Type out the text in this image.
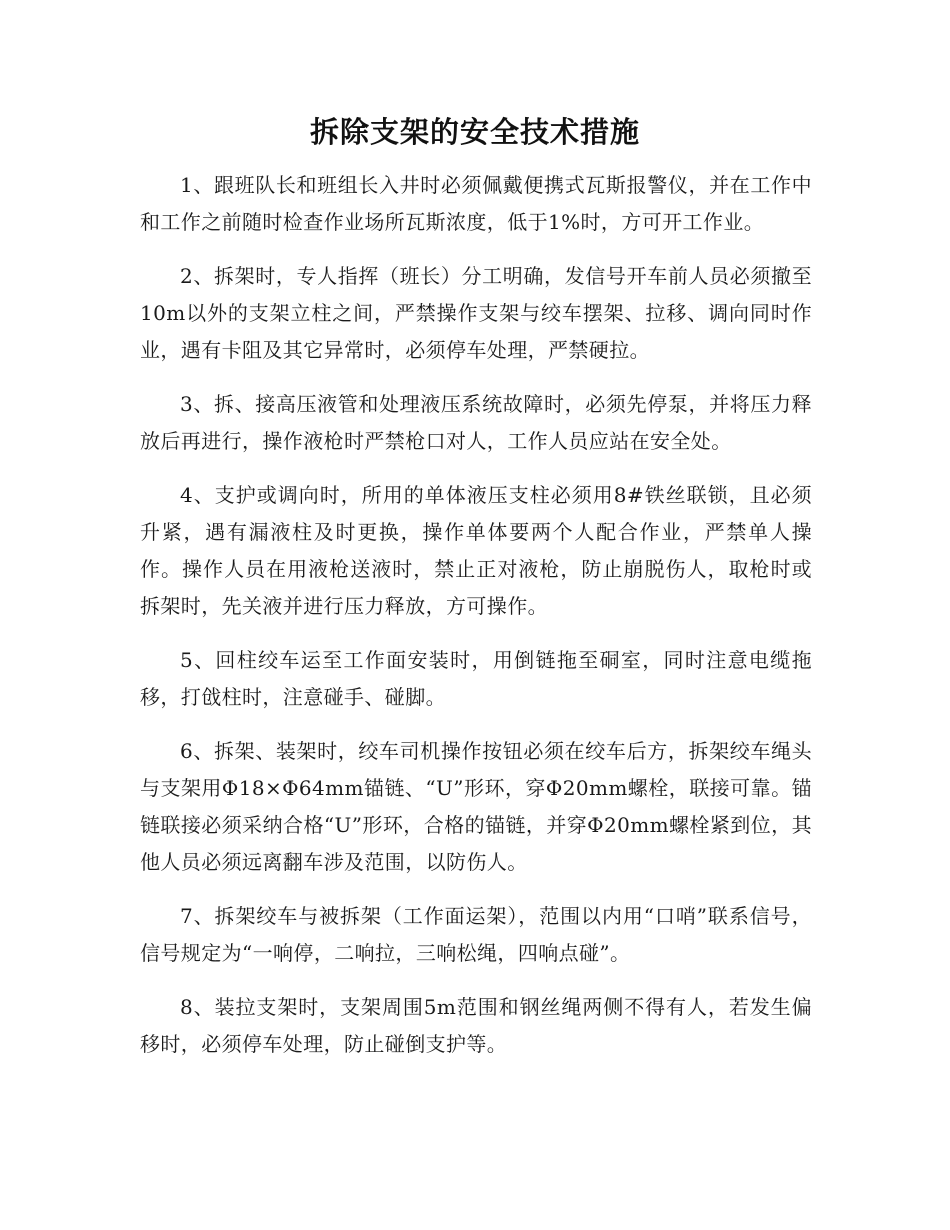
拆除支架的安全技术措施

1、跟班队长和班组长入井时必须佩戴便携式瓦斯报警仪，并在工作中和工作之前随时检查作业场所瓦斯浓度，低于1%时，方可开工作业。

2、拆架时，专人指挥（班长）分工明确，发信号开车前人员必须撤至10m以外的支架立柱之间，严禁操作支架与绞车摆架、拉移、调向同时作业，遇有卡阻及其它异常时，必须停车处理，严禁硬拉。

3、拆、接高压液管和处理液压系统故障时，必须先停泵，并将压力释放后再进行，操作液枪时严禁枪口对人，工作人员应站在安全处。

4、支护或调向时，所用的单体液压支柱必须用8#铁丝联锁，且必须升紧，遇有漏液柱及时更换，操作单体要两个人配合作业，严禁单人操作。操作人员在用液枪送液时，禁止正对液枪，防止崩脱伤人，取枪时或拆架时，先关液并进行压力释放，方可操作。

5、回柱绞车运至工作面安装时，用倒链拖至硐室，同时注意电缆拖移，打戗柱时，注意碰手、碰脚。

6、拆架、装架时，绞车司机操作按钮必须在绞车后方，拆架绞车绳头与支架用Φ18×Φ64mm锚链、“U”形环，穿Φ20mm螺栓，联接可靠。锚链联接必须采纳合格“U”形环，合格的锚链，并穿Φ20mm螺栓紧到位，其他人员必须远离翻车涉及范围，以防伤人。

7、拆架绞车与被拆架（工作面运架），范围以内用“口哨”联系信号，信号规定为“一响停，二响拉，三响松绳，四响点碰”。

8、装拉支架时，支架周围5m范围和钢丝绳两侧不得有人，若发生偏移时，必须停车处理，防止碰倒支护等。
